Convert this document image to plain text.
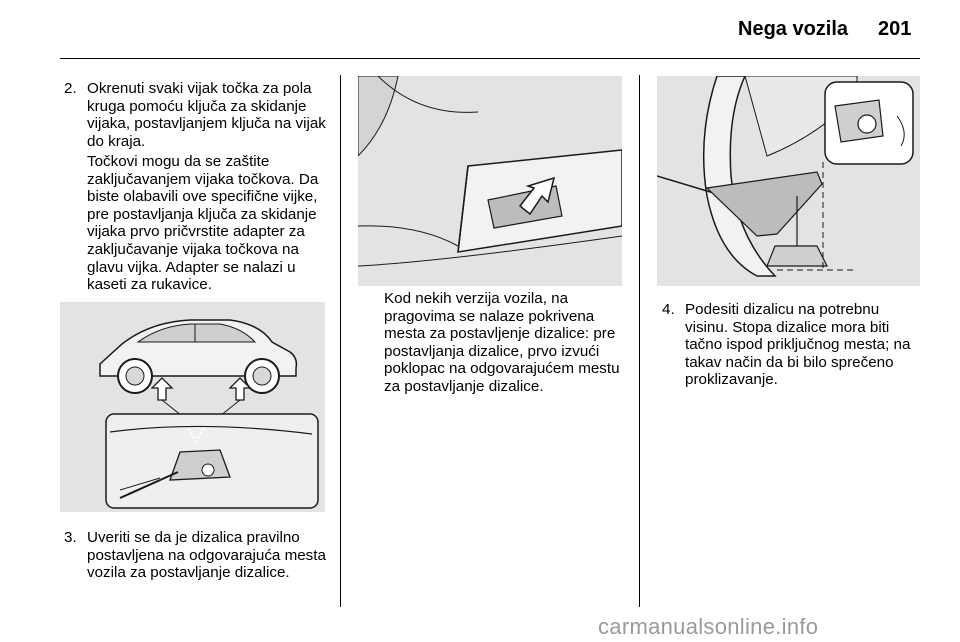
Nega vozila 201
2. Okrenuti svaki vijak točka za pola kruga pomoću ključa za skidanje vijaka, postavljanjem ključa na vijak do kraja.

Točkovi mogu da se zaštite zaključavanjem vijaka točkova. Da biste olabavili ove specifične vijke, pre postavljanja ključa za skidanje vijaka prvo pričvrstite adapter za zaključavanje vijaka točkova na glavu vijka. Adapter se nalazi u kaseti za rukavice.

3. Uveriti se da je dizalica pravilno postavljena na odgovarajuća mesta vozila za postavljanje dizalice.

Kod nekih verzija vozila, na pragovima se nalaze pokrivena mesta za postavljenje dizalice: pre postavljanja dizalice, prvo izvući poklopac na odgovarajućem mestu za postavljanje dizalice.

4. Podesiti dizalicu na potrebnu visinu. Stopa dizalice mora biti tačno ispod priključnog mesta; na takav način da bi bilo sprečeno proklizavanje.
carmanualsonline.info
